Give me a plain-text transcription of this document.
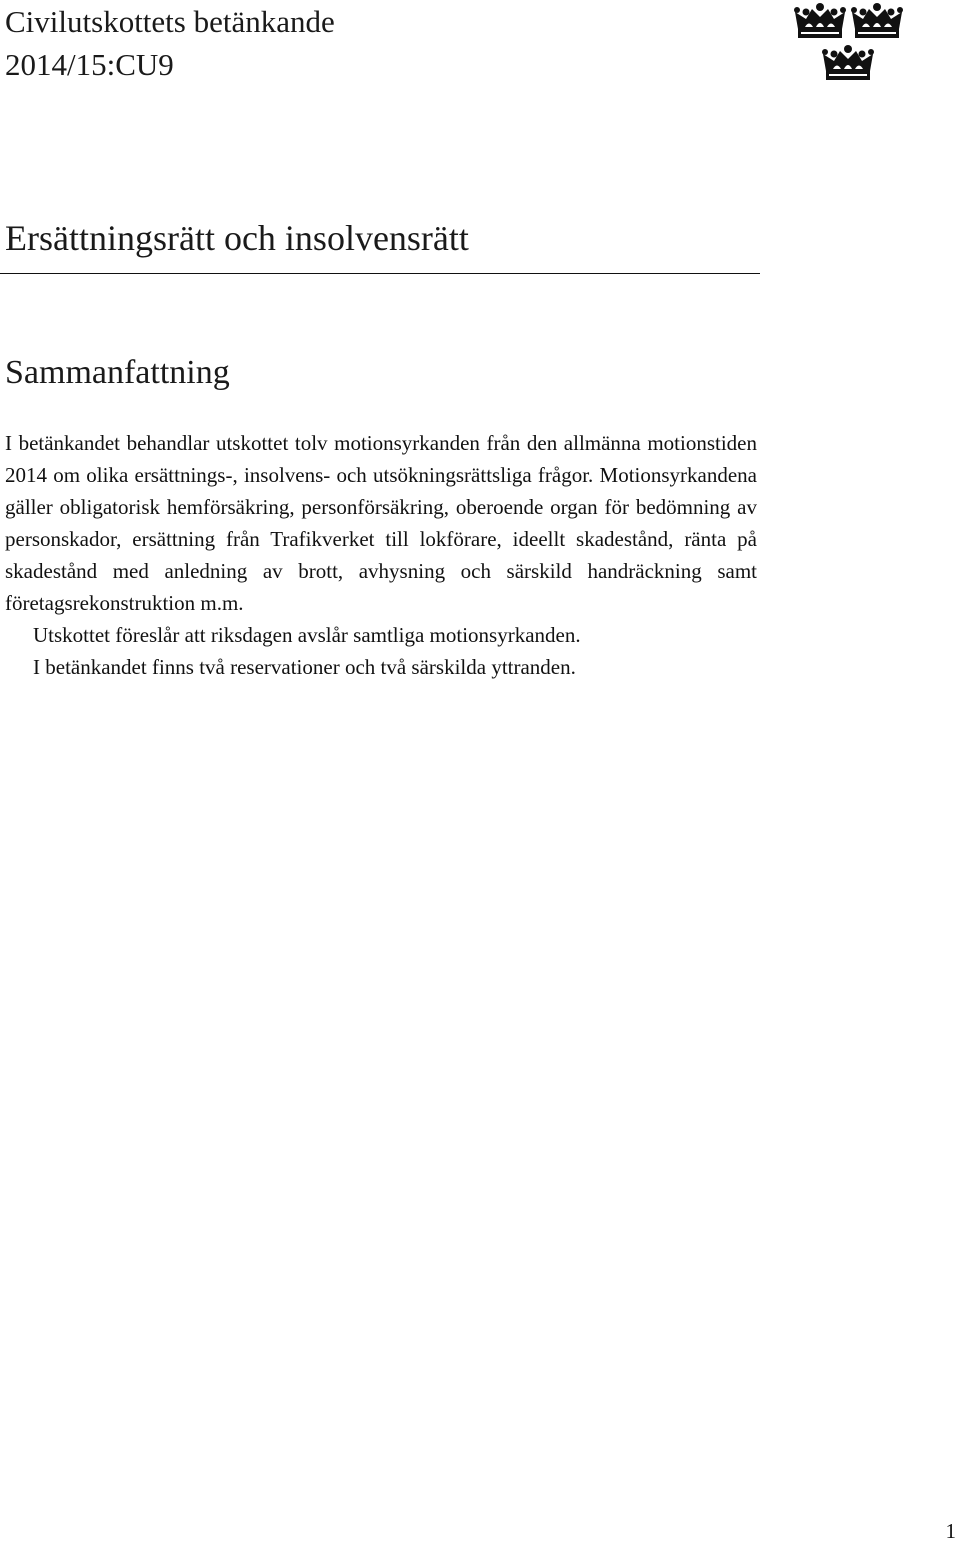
Civilutskottets betänkande
2014/15:CU9
Ersättningsrätt och insolvensrätt
Sammanfattning

I betänkandet behandlar utskottet tolv motionsyrkanden från den allmänna motionstiden 2014 om olika ersättnings-, insolvens- och utsökningsrättsliga frågor. Motionsyrkandena gäller obligatorisk hemförsäkring, personförsäkring, oberoende organ för bedömning av personskador, ersättning från Trafikverket till lokförare, ideellt skadestånd, ränta på skadestånd med anledning av brott, avhysning och särskild handräckning samt företagsrekonstruktion m.m.

Utskottet föreslår att riksdagen avslår samtliga motionsyrkanden.

I betänkandet finns två reservationer och två särskilda yttranden.

1
